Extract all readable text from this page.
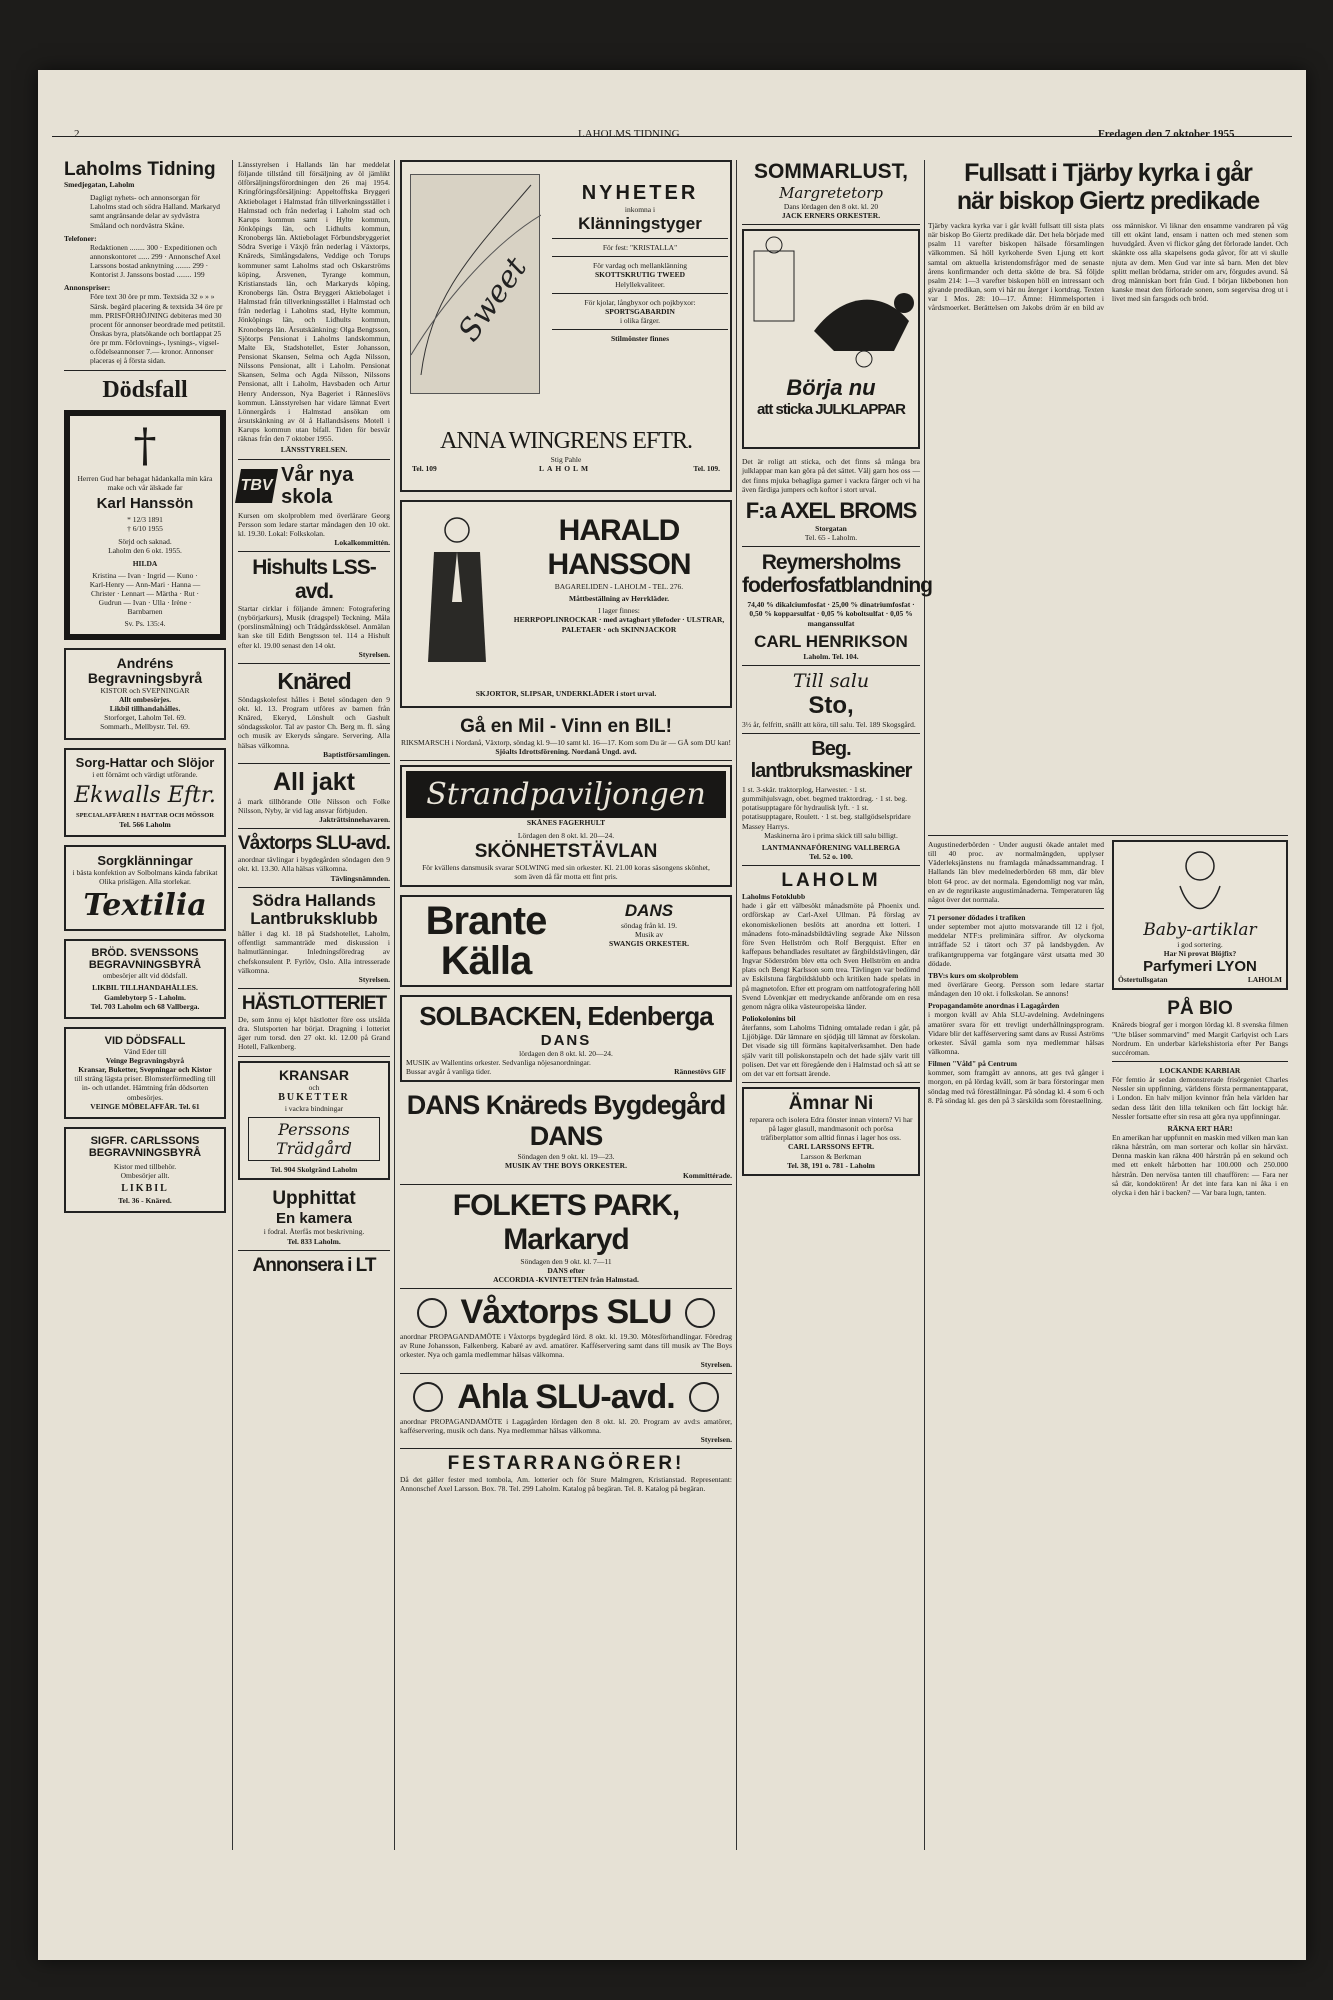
2	LAHOLMS TIDNING	Fredagen den 7 oktober 1955
Laholms Tidning
Smedjegatan, Laholm
Dagligt nyhets- och annonsorgan för Laholms stad och södra Halland. Markaryd samt angränsande delar av sydvästra Småland och nordvästra Skåne.
Telefoner:
Redaktionen ........ 300 · Expeditionen och annonskontoret ...... 299 · Annonschef Axel Larssons bostad anknytning ........ 299 · Kontorist J. Janssons bostad ........ 199
Annonspriser:
Före text 30 öre pr mm. Textsida 32 » » » Särsk. begärd placering & textsida 34 öre pr mm. PRISFÖRHÖJNING debiteras med 30 procent för annonser beordrade med petitstil. Önskas byra, platsökande och bortlappat 25 öre pr mm. Förlovnings-, lysnings-, vigsel- o.födelseannonser 7.— kronor. Annonser placeras ej å första sidan.
Dödsfall
†
Herren Gud har behagat hädankalla min kära make och vår älskade far
Karl Hanssön
* 12/3 1891
† 6/10 1955
Sörjd och saknad.
Laholm den 6 okt. 1955.
HILDA
Kristina — Ivan · Ingrid — Kuno · Karl-Henry — Ann-Mari · Hanna — Christer · Lennart — Märtha · Rut · Gudrun — Ivan · Ulla · Irène · Barnbarnen
Sv. Ps. 135:4.
Andréns Begravningsbyrå
KISTOR och SVEPNINGAR
Allt ombesörjes.
Likbil tillhandahålles.
Storforget, Laholm Tel. 69.
Sommarh., Mellbystr. Tel. 69.
Sorg-Hattar och Slöjor
i ett förnämt och värdigt utförande.
Ekwalls Eftr.
SPECIALAFFÄREN I HATTAR OCH MÖSSOR
Tel. 566 Laholm
Sorgklänningar
i bästa konfektion av Solbolmans kända fabrikat
Olika prislägen. Alla storlekar.
Textilia
BRÖD. SVENSSONS BEGRAVNINGSBYRÅ
ombesörjer allt vid dödsfall.
LIKBIL TILLHANDAHÅLLES.
Gamlebytorp 5 - Laholm.
Tel. 703 Laholm och 68 Vallberga.
VID DÖDSFALL
Vänd Eder till
Veinge Begravningsbyrå
Kransar, Buketter, Svepningar och Kistor
till sträng lägsta priser. Blomsterförmedling till in- och utlandet. Hämtning från dödsorten ombesörjes.
VEINGE MÖBELAFFÄR. Tel. 61
SIGFR. CARLSSONS BEGRAVNINGSBYRÅ
Kistor med tillbehör.
Ombesörjer allt.
LIKBIL
Tel. 36 - Knäred.
Länsstyrelsen i Hallands län har meddelat följande tillstånd till försäljning av öl jämlikt ölförsäljningsförordningen den 26 maj 1954. Kringföringsförsäljning: Appeltofftska Bryggeri Aktiebolaget i Halmstad från tillverkningsstället i Halmstad och från nederlag i Laholm stad och Karups kommun samt i Hylte kommun, Jönköpings län, och Lidhults kommun, Kronobergs län. Aktiebolaget Förbundsbryggeriet Södra Sverige i Växjö från nederlag i Växtorps, Knäreds, Simlångsdalens, Veddige och Torups kommuner samt Laholms stad och Oskarströms köping, Årsvenen, Tyrange kommun, Kristianstads län, och Markaryds köping, Kronobergs län. Östra Bryggeri Aktiebolaget i Halmstad från tillverkningsstället i Halmstad och från nederlag i Laholms stad, Hylte kommun, Jönköpings län, och Lidhults kommun, Kronobergs län. Årsutskänkning: Olga Bengtsson, Sjötorps Pensionat i Laholms landskommun, Malte Ek, Stadshotellet, Ester Johansson, Pensionat Skansen, Selma och Agda Nilsson, Nilssons Pensionat, allt i Laholm. Pensionat Skansen, Selma och Agda Nilsson, Nilssons Pensionat, allt i Laholm, Havsbaden och Artur Henry Andersson, Nya Bageriet i Ränneslövs kommun. Länsstyrelsen har vidare lämnat Evert Lönnergårds i Halmstad ansökan om årsutskänkning av öl å Hallandsåsens Motell i Karups kommun utan bifall. Tiden för besvär räknas från den 7 oktober 1955.
LÄNSSTYRELSEN.
TBV Vår nya skola
Kursen om skolproblem med överlärare Georg Persson som ledare startar måndagen den 10 okt. kl. 19.30. Lokal: Folkskolan.
Lokalkommittén.
Hishults LSS-avd.
Startar cirklar i följande ämnen: Fotografering (nybörjarkurs), Musik (dragspel) Teckning. Måla (porslinsmålning) och Trädgårdsskötsel. Anmälan kan ske till Edith Bengtsson tel. 114 a Hishult efter kl. 19.00 senast den 14 okt.
Styrelsen.
Knäred
Söndagskolefest hålles i Betel söndagen den 9 okt. kl. 13. Program utföres av barnen från Knäred, Ekeryd, Lönshult och Gashult söndagsskolor. Tal av pastor Ch. Berg m. fl. sång och musik av Ekeryds sångare. Servering. Alla hälsas välkomna.
Baptistförsamlingen.
All jakt
å mark tillhörande Olle Nilsson och Folke Nilsson, Nyby, är vid lag ansvar förbjuden.
Jakträttsinnehavaren.
Våxtorps SLU-avd.
anordnar tävlingar i bygdegården söndagen den 9 okt. kl. 13.30. Alla hälsas välkomna.
Tävlingsnämnden.
Södra Hallands Lantbruksklubb
håller i dag kl. 18 på Stadshotellet, Laholm, offentligt sammanträde med diskussion i halmutlänningar. Inledningsföredrag av chefskonsulent P. Fyrlöv, Oslo. Alla intresserade välkomna.
Styrelsen.
HÄSTLOTTERIET
De, som ännu ej köpt hästlotter före oss utsålda dra. Slutsporten har börjat. Dragning i lotteriet äger rum torsd. den 27 okt. kl. 12.00 på Grand Hotell, Falkenberg.
KRANSAR
och
BUKETTER
i vackra bindningar
Perssons Trädgård
Tel. 904 Skolgränd Laholm
Upphittat
En kamera
i fodral. Återfås mot beskrivning.
Tel. 833 Laholm.
Annonsera i LT
Sweet
NYHETER
inkomna i
Klänningstyger
För fest: "KRISTALLA"
För vardag och mellanklänning
SKOTTSKRUTIG TWEED
Helyllekvaliteer.
För kjolar, långbyxor och pojkbyxor:
SPORTSGABARDIN
i olika färger.
Stilmönster finnes
ANNA WINGRENS EFTR.
Stig Pahle
Tel. 109	LAHOLM	Tel. 109.
HARALD HANSSON
BAGARELIDEN - LAHOLM - TEL. 276.
Måttbeställning av Herrkläder.
I lager finnes:
HERRPOPLINROCKAR · med avtagbart yllefoder · ULSTRAR, PALETAER · och SKINNJACKOR
SKJORTOR, SLIPSAR, UNDERKLÄDER i stort urval.
Gå en Mil - Vinn en BIL!
RIKSMARSCH i Nordanå, Växtorp, söndag kl. 9—10 samt kl. 16—17. Kom som Du är — GÅ som DU kan!
Sjöalts Idrottsförening. Nordanå Ungd. avd.
Strandpaviljongen
SKÅNES FAGERHULT
Lördagen den 8 okt. kl. 20—24.
SKÖNHETSTÄVLAN
För kvällens dansmusik svarar SOLWING med sin orkester. Kl. 21.00 koras säsongens skönhet, som även då får motta ett fint pris.
Brante Källa
DANS
söndag från kl. 19.
Musik av
SWANGIS ORKESTER.
SOLBACKEN, Edenberga
DANS
lördagen den 8 okt. kl. 20—24.
MUSIK av Wallentins orkester. Sedvanliga nöjesanordningar.
Bussar avgår å vanliga tider.	Rännestövs GIF
DANS Knäreds Bygdegård DANS
Söndagen den 9 okt. kl. 19—23.
MUSIK AV THE BOYS ORKESTER.
Kommittérade.
FOLKETS PARK, Markaryd
Söndagen den 9 okt. kl. 7—11
DANS efter
ACCORDIA -KVINTETTEN från Halmstad.
Våxtorps SLU
anordnar PROPAGANDAMÖTE i Våxtorps bygdegård lörd. 8 okt. kl. 19.30. Mötesförhandlingar. Föredrag av Rune Johansson, Falkenberg. Kabaré av avd. amatörer. Kafféservering samt dans till musik av The Boys orkester. Nya och gamla medlemmar hälsas välkomna.
Styrelsen.
Ahla SLU-avd.
anordnar PROPAGANDAMÖTE i Lagagården lördagen den 8 okt. kl. 20. Program av avd:s amatörer, kafféservering, musik och dans. Nya medlemmar hälsas välkomna.
Styrelsen.
FESTARRANGÖRER!
Då det gäller fester med tombola, Am. lotterier och för Sture Malmgren, Kristianstad. Representant: Annonschef Axel Larsson. Box. 78. Tel. 299 Laholm. Katalog på begäran. Tel. 8. Katalog på begäran.
SOMMARLUST,
Margretetorp
Dans lördagen den 8 okt. kl. 20
JACK ERNERS ORKESTER.
Börja nu
att sticka JULKLAPPAR
Det är roligt att sticka, och det finns så många bra julklappar man kan göra på det sättet. Välj garn hos oss — det finns mjuka behagliga garner i vackra färger och vi ha även färdiga jumpers och koftor i stort urval.
F:a AXEL BROMS
Storgatan
Tel. 65 - Laholm.
Reymersholms foderfosfatblandning
74,40 % dikalciumfosfat · 25,00 % dinatriumfosfat · 0,50 % kopparsulfat · 0,05 % koboltsulfat · 0,05 % manganssulfat
CARL HENRIKSON
Laholm. Tel. 104.
Till salu
Sto,
3½ år, felfritt, snällt att köra, till salu. Tel. 189 Skogsgård.
Beg. lantbruksmaskiner
1 st. 3-skär. traktorplog, Harwester. · 1 st. gummihjulsvagn, obet. begmed traktordrag. · 1 st. beg. potatisupptagare för hydraulisk lyft. · 1 st. potatisupptagare, Roulett. · 1 st. beg. stallgödselspridare Massey Harrys.
Maskinerna äro i prima skick till salu billigt.
LANTMANNAFÖRENING VALLBERGA
Tel. 52 o. 100.
LAHOLM
Laholms Fotoklubb
hade i går ett välbesökt månadsmöte på Phoenix und. ordförskap av Carl-Axel Ullman. På förslag av ekonomiskelionen beslöts att anordna ett lotteri. I månadens foto-månadsbildtävling segrade Åke Nilsson före Sven Hellström och Rolf Bergquist. Efter en kaffepaus behandlades resultatet av färgbildstävlingen, där Ingvar Söderström blev etta och Sven Hellström en andra plats och Bengt Karlsson som trea. Tävlingen var bedömd av Eskilstuna färgbildsklubb och kritiken hade spelats in på magnetofon. Efter ett program om nattfotografering höll Svend Lövenkjær ett medryckande anförande om en resa genom några olika västeuropeiska länder.
Poliokolonins bil
återfanns, som Laholms Tidning omtalade redan i går, på Ljjöbjäge. Där lämnare en sjödjäg till lämnat av förskolan. Det visade sig till förmäns kapitalverksamhet. Den hade själv varit till poliskonstapeln och det hade själv varit till polisen. Det var ett föregående den i Halmstad och så att se om det var ett fortsatt ärende.
Ämnar Ni
reparera och isolera Edra fönster innan vintern? Vi har på lager glasull, mandmasonit och porösa träfiberplattor som alltid finnas i lager hos oss.
CARL LARSSONS EFTR.
Larsson & Berkman
Tel. 38, 191 o. 781 - Laholm
Fullsatt i Tjärby kyrka i går
när biskop Giertz predikade
Tjärby vackra kyrka var i går kväll fullsatt till sista plats när biskop Bo Giertz predikade där. Det hela började med psalm 11 varefter biskopen hälsade församlingen välkommen. Så höll kyrkoherde Sven Ljung ett kort samtal om aktuella kristendomsfrågor med de senaste årens konfirmander och detta skötte de bra. Så följde psalm 214: 1—3 varefter biskopen höll en intressant och givande predikan, som vi här nu återger i kortdrag. Texten var 1 Mos. 28: 10—17. Ämne: Himmelsporten i vårdsmoerket. Berättelsen om Jakobs dröm är en bild av oss människor. Vi liknar den ensamme vandraren på väg till ett okänt land, ensam i natten och med stenen som huvudgård. Även vi flickor gång det förlorade landet. Och skänkte oss alla skapelsens goda gåvor, för att vi skulle njuta av dem. Men Gud var inte så barn. Men det blev splitt mellan brödarna, strider om arv, förgudes avund. Så drog människan bort från Gud. I början likbebonen hon kanske meat den förlorade sonen, som segervisa drog ut i livet med sin farsgods och bröd.
Augustinederbörden · Under augusti ökade antalet med till 40 proc. av normalmängden, upplyser Väderleksjänstens nu framlagda månadssammandrag. I Hallands län blev medelnederbörden 68 mm, där blev blott 64 proc. av det normala. Egendomligt nog var mån, en av de regnrikaste augustimånaderna. Temperaturen låg något över det normala.
71 personer dödades i trafiken
under september mot ajutto motsvarande till 12 i fjol, meddelar NTF:s preliminära siffror. Av olyckorna inträffade 52 i tätort och 37 på landsbygden. Av trafikantgrupperna var fotgängare värst utsatta med 30 dödade.
TBV:s kurs om skolproblem
med överlärare Georg. Persson som ledare startar måndagen den 10 okt. i folkskolan. Se annons!
Propagandamöte anordnas i Lagagården
i morgon kväll av Ahla SLU-avdelning. Avdelningens amatörer svara för ett trevligt underhållningsprogram. Vidare blir det kafféservering samt dans av Russi Aströms orkester. Såväl gamla som nya medlemmar hälsas välkomna.
Filmen "Våld" på Centrum
kommer, som framgått av annons, att ges två gånger i morgon, en på lördag kväll, som är bara förstoringar men söndag med två föreställningar. På söndag kl. 4 som 6 och 8. På söndag kl. ges den på 3 särskilda som förestaellning.
Baby-artiklar
i god sortering.
Har Ni provat Blöjfix?
Parfymeri LYON
Östertullsgatan	LAHOLM
PÅ BIO
Knäreds biograf ger i morgon lördag kl. 8 svenska filmen "Ute blåser sommarvind" med Margit Carlqvist och Lars Nordrum. En underbar kärlekshistoria efter Per Bangs succéroman.
LOCKANDE KARBIAR
För femtio år sedan demonstrerade frisörgeniet Charles Nessler sin uppfinning, världens första permanentapparat, i London. En halv miljon kvinnor från hela världen har sedan dess låtit den lilla tekniken och fått lockigt hår. Nessler fortsatte efter sin resa att göra nya uppfinningar.
RÄKNA ERT HÅR!
En amerikan har uppfunnit en maskin med vilken man kan räkna hårstrån, om man sorterar och kollar sin hårväxt. Denna maskin kan räkna 400 hårstrån på en sekund och med ett enkelt hårbotten har 100.000 och 250.000 hårstrån. Den nervösa tanten till chauffören: — Fara ner så där, kondoktören! Är det inte fara kan ni åka i en olycka i den här i backen? — Var bara lugn, tanten.
